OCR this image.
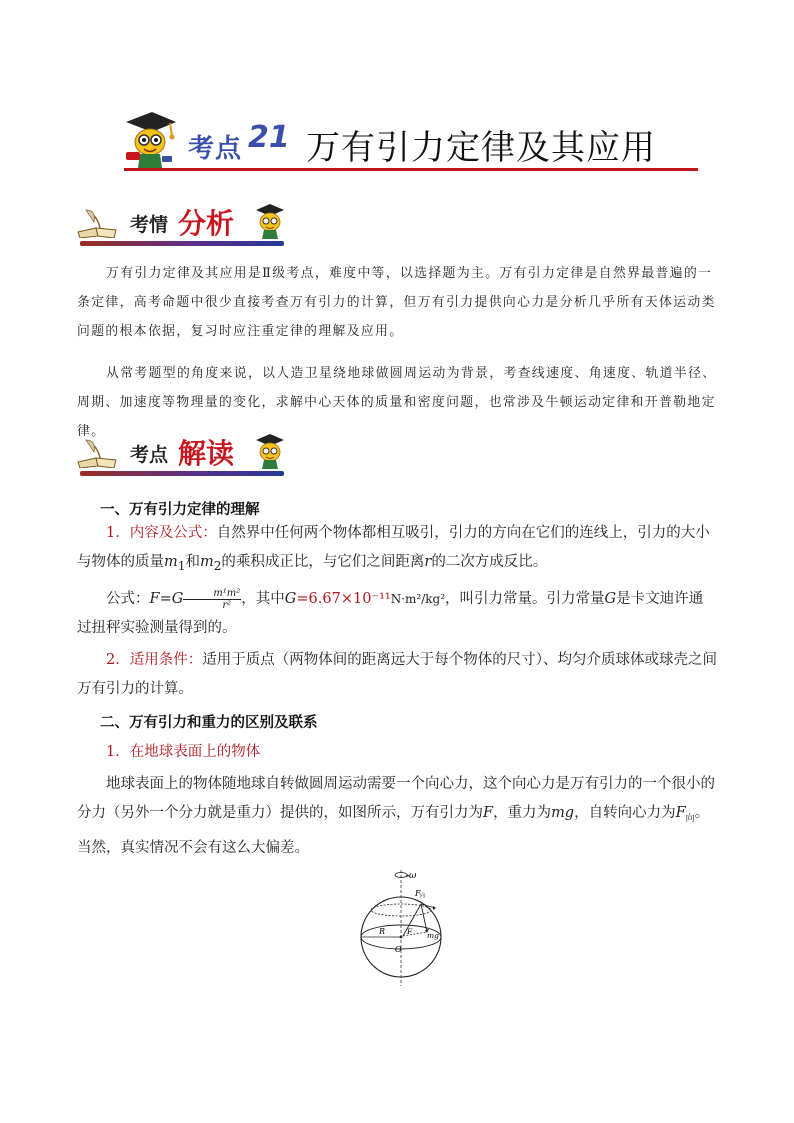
考点 21 万有引力定律及其应用
考情 分析

万有引力定律及其应用是Ⅱ级考点，难度中等，以选择题为主。万有引力定律是自然界最普遍的一条定律，高考命题中很少直接考查万有引力的计算，但万有引力提供向心力是分析几乎所有天体运动类问题的根本依据，复习时应注重定律的理解及应用。

从常考题型的角度来说，以人造卫星绕地球做圆周运动为背景，考查线速度、角速度、轨道半径、周期、加速度等物理量的变化，求解中心天体的质量和密度问题，也常涉及牛顿运动定律和开普勒地定律。

考点 解读
一、万有引力定律的理解

1．内容及公式：自然界中任何两个物体都相互吸引，引力的方向在它们的连线上，引力的大小与物体的质量$m_1$和$m_2$的乘积成正比，与它们之间距离r的二次方成反比。

公式：$F=G \frac{\text{m¹m²}}{\text{r²}}$ ，其中G=6.67×10⁻¹¹N·m²/kg²，叫引力常量。引力常量G是卡文迪许通过扭秤实验测量得到的。

2．适用条件：适用于质点（两物体间的距离远大于每个物体的尺寸）、均匀介质球体或球壳之间万有引力的计算。

二、万有引力和重力的区别及联系

1．在地球表面上的物体

地球表面上的物体随地球自转做圆周运动需要一个向心力，这个向心力是万有引力的一个很小的分力（另外一个分力就是重力）提供的，如图所示，万有引力为F，重力为mg，自转向心力为$F_向$。当然，真实情况不会有这么大偏差。

ω
F 向
R	F
O
mg
